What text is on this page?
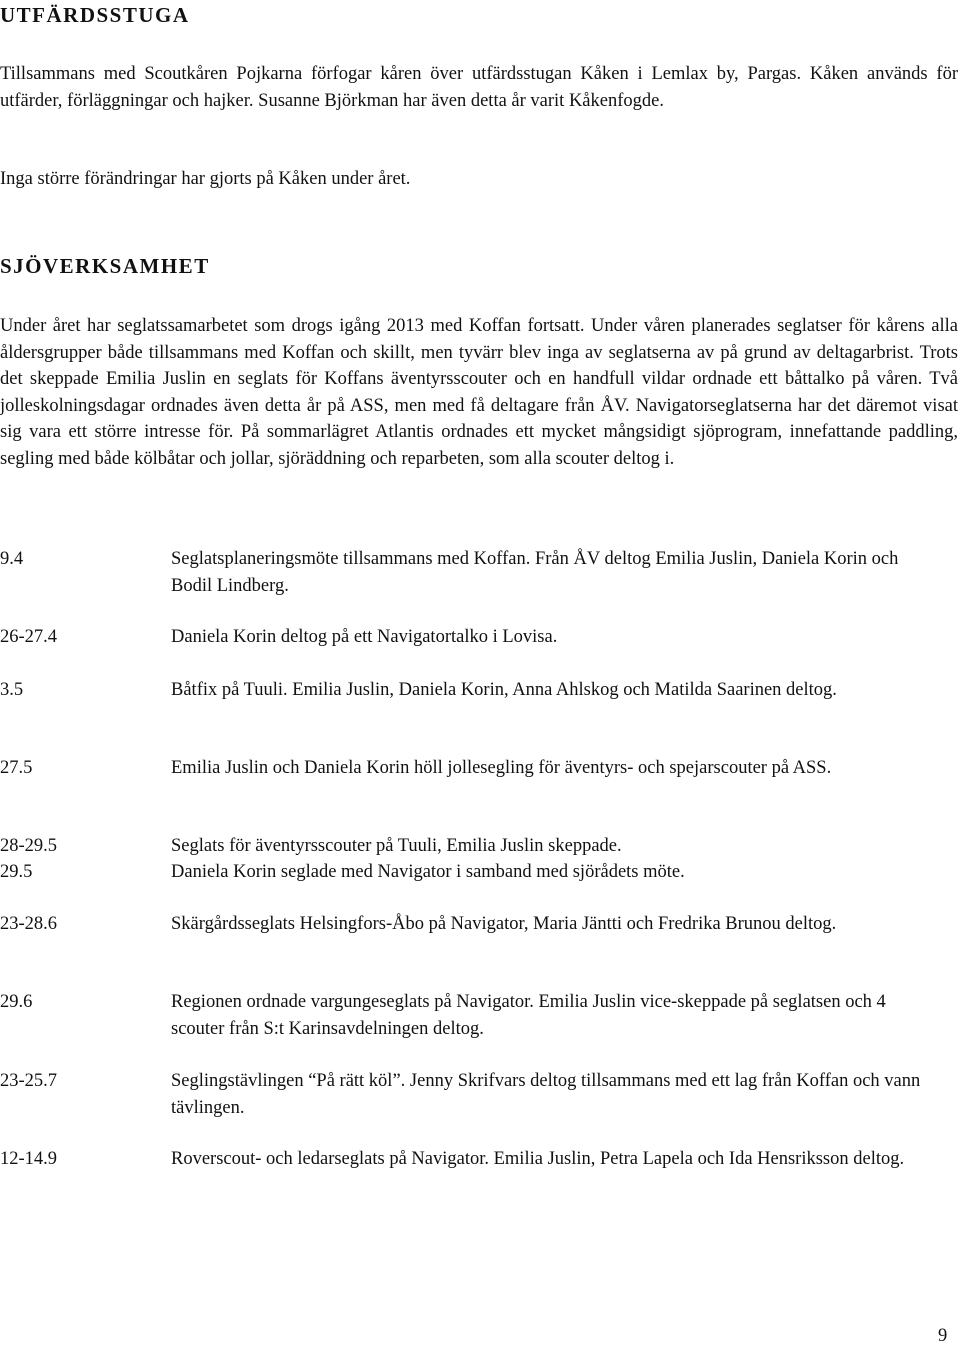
UTFÄRDSSTUGA

Tillsammans med Scoutkåren Pojkarna förfogar kåren över utfärdsstugan Kåken i Lemlax by, Pargas. Kåken används för utfärder, förläggningar och hajker. Susanne Björkman har även detta år varit Kåkenfogde.

Inga större förändringar har gjorts på Kåken under året.

SJÖVERKSAMHET

Under året har seglatssamarbetet som drogs igång 2013 med Koffan fortsatt. Under våren planerades seglatser för kårens alla åldersgrupper både tillsammans med Koffan och skillt, men tyvärr blev inga av seglatserna av på grund av deltagarbrist. Trots det skeppade Emilia Juslin en seglats för Koffans äventyrsscouter och en handfull vildar ordnade ett båttalko på våren. Två jolleskolningsdagar ordnades även detta år på ASS, men med få deltagare från ÅV. Navigatorseglatserna har det däremot visat sig vara ett större intresse för. På sommarlägret Atlantis ordnades ett mycket mångsidigt sjöprogram, innefattande paddling, segling med både kölbåtar och jollar, sjöräddning och reparbeten, som alla scouter deltog i.

9.4	Seglatsplaneringsmöte tillsammans med Koffan. Från ÅV deltog Emilia Juslin, Daniela Korin och Bodil Lindberg.
26-27.4	Daniela Korin deltog på ett Navigatortalko i Lovisa.
3.5	Båtfix på Tuuli. Emilia Juslin, Daniela Korin, Anna Ahlskog och Matilda Saarinen deltog.
27.5	Emilia Juslin och Daniela Korin höll jollesegling för äventyrs- och spejarscouter på ASS.
28-29.5	Seglats för äventyrsscouter på Tuuli, Emilia Juslin skeppade.
29.5	Daniela Korin seglade med Navigator i samband med sjörådets möte.
23-28.6	Skärgårdsseglats Helsingfors-Åbo på Navigator, Maria Jäntti och Fredrika Brunou deltog.
29.6	Regionen ordnade vargungeseglats på Navigator. Emilia Juslin vice-skeppade på seglatsen och 4 scouter från S:t Karinsavdelningen deltog.
23-25.7	Seglingstävlingen “På rätt köl”. Jenny Skrifvars deltog tillsammans med ett lag från Koffan och vann tävlingen.
12-14.9	Roverscout- och ledarseglats på Navigator. Emilia Juslin, Petra Lapela och Ida Hensriksson deltog.
9
